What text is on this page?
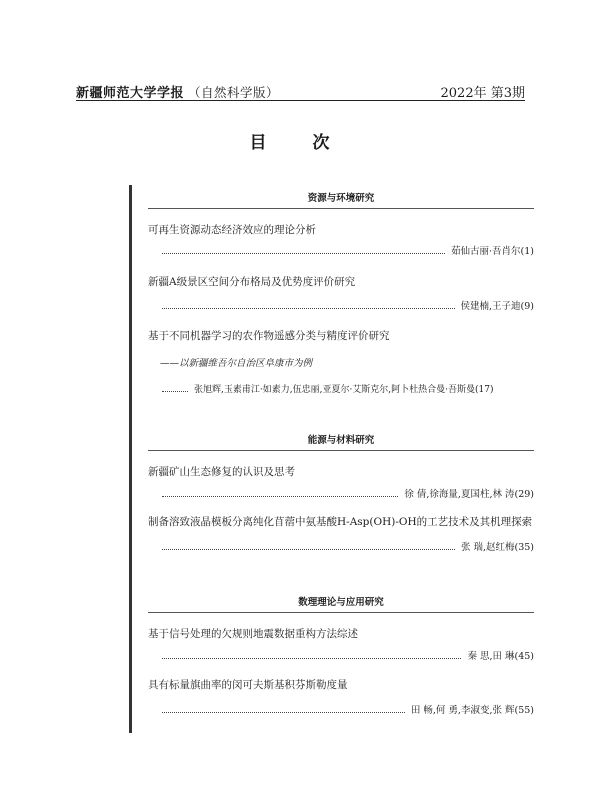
新疆师范大学学报 （自然科学版）	2022年 第3期
目 次
资源与环境研究
可再生资源动态经济效应的理论分析
茹仙古丽·吾肖尔(1)
新疆A级景区空间分布格局及优势度评价研究
侯建楠,王子迪(9)
基于不同机器学习的农作物遥感分类与精度评价研究
——以新疆维吾尔自治区阜康市为例
张旭辉,玉素甫江·如素力,伍忠丽,亚夏尔·艾斯克尔,阿卜杜热合曼·吾斯曼(17)
能源与材料研究
新疆矿山生态修复的认识及思考
徐 倩,徐海量,夏国柱,林 涛(29)
制备溶致液晶模板分离纯化苜蓿中氨基酸H-Asp(OH)-OH的工艺技术及其机理探索
张 瑞,赵红梅(35)
数理理论与应用研究
基于信号处理的欠规则地震数据重构方法综述
秦 思,田 琳(45)
具有标量旗曲率的闵可夫斯基积芬斯勒度量
田 畅,何 勇,李淑变,张 辉(55)
